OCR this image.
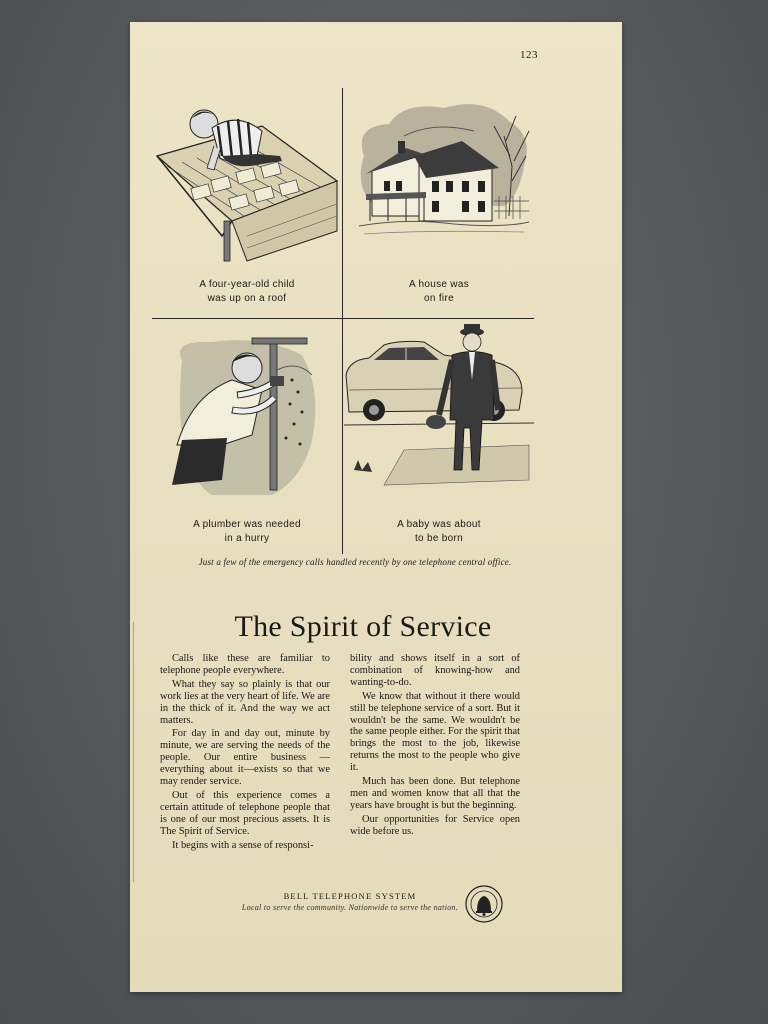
123
A four-year-old child
was up on a roof
A house was
on fire
A plumber was needed
in a hurry
A baby was about
to be born
Just a few of the emergency calls handled recently by one telephone central office.
The Spirit of Service

Calls like these are familiar to telephone people everywhere.

What they say so plainly is that our work lies at the very heart of life. We are in the thick of it. And the way we act matters.

For day in and day out, minute by minute, we are serving the needs of the people. Our entire business —everything about it—exists so that we may render service.

Out of this experience comes a certain attitude of telephone people that is one of our most precious assets. It is The Spirit of Service.

It begins with a sense of responsi-

bility and shows itself in a sort of combination of knowing-how and wanting-to-do.

We know that without it there would still be telephone service of a sort. But it wouldn't be the same. We wouldn't be the same people either. For the spirit that brings the most to the job, likewise returns the most to the people who give it.

Much has been done. But telephone men and women know that all that the years have brought is but the beginning.

Our opportunities for Service open wide before us.

BELL TELEPHONE SYSTEM
Local to serve the community. Nationwide to serve the nation.
